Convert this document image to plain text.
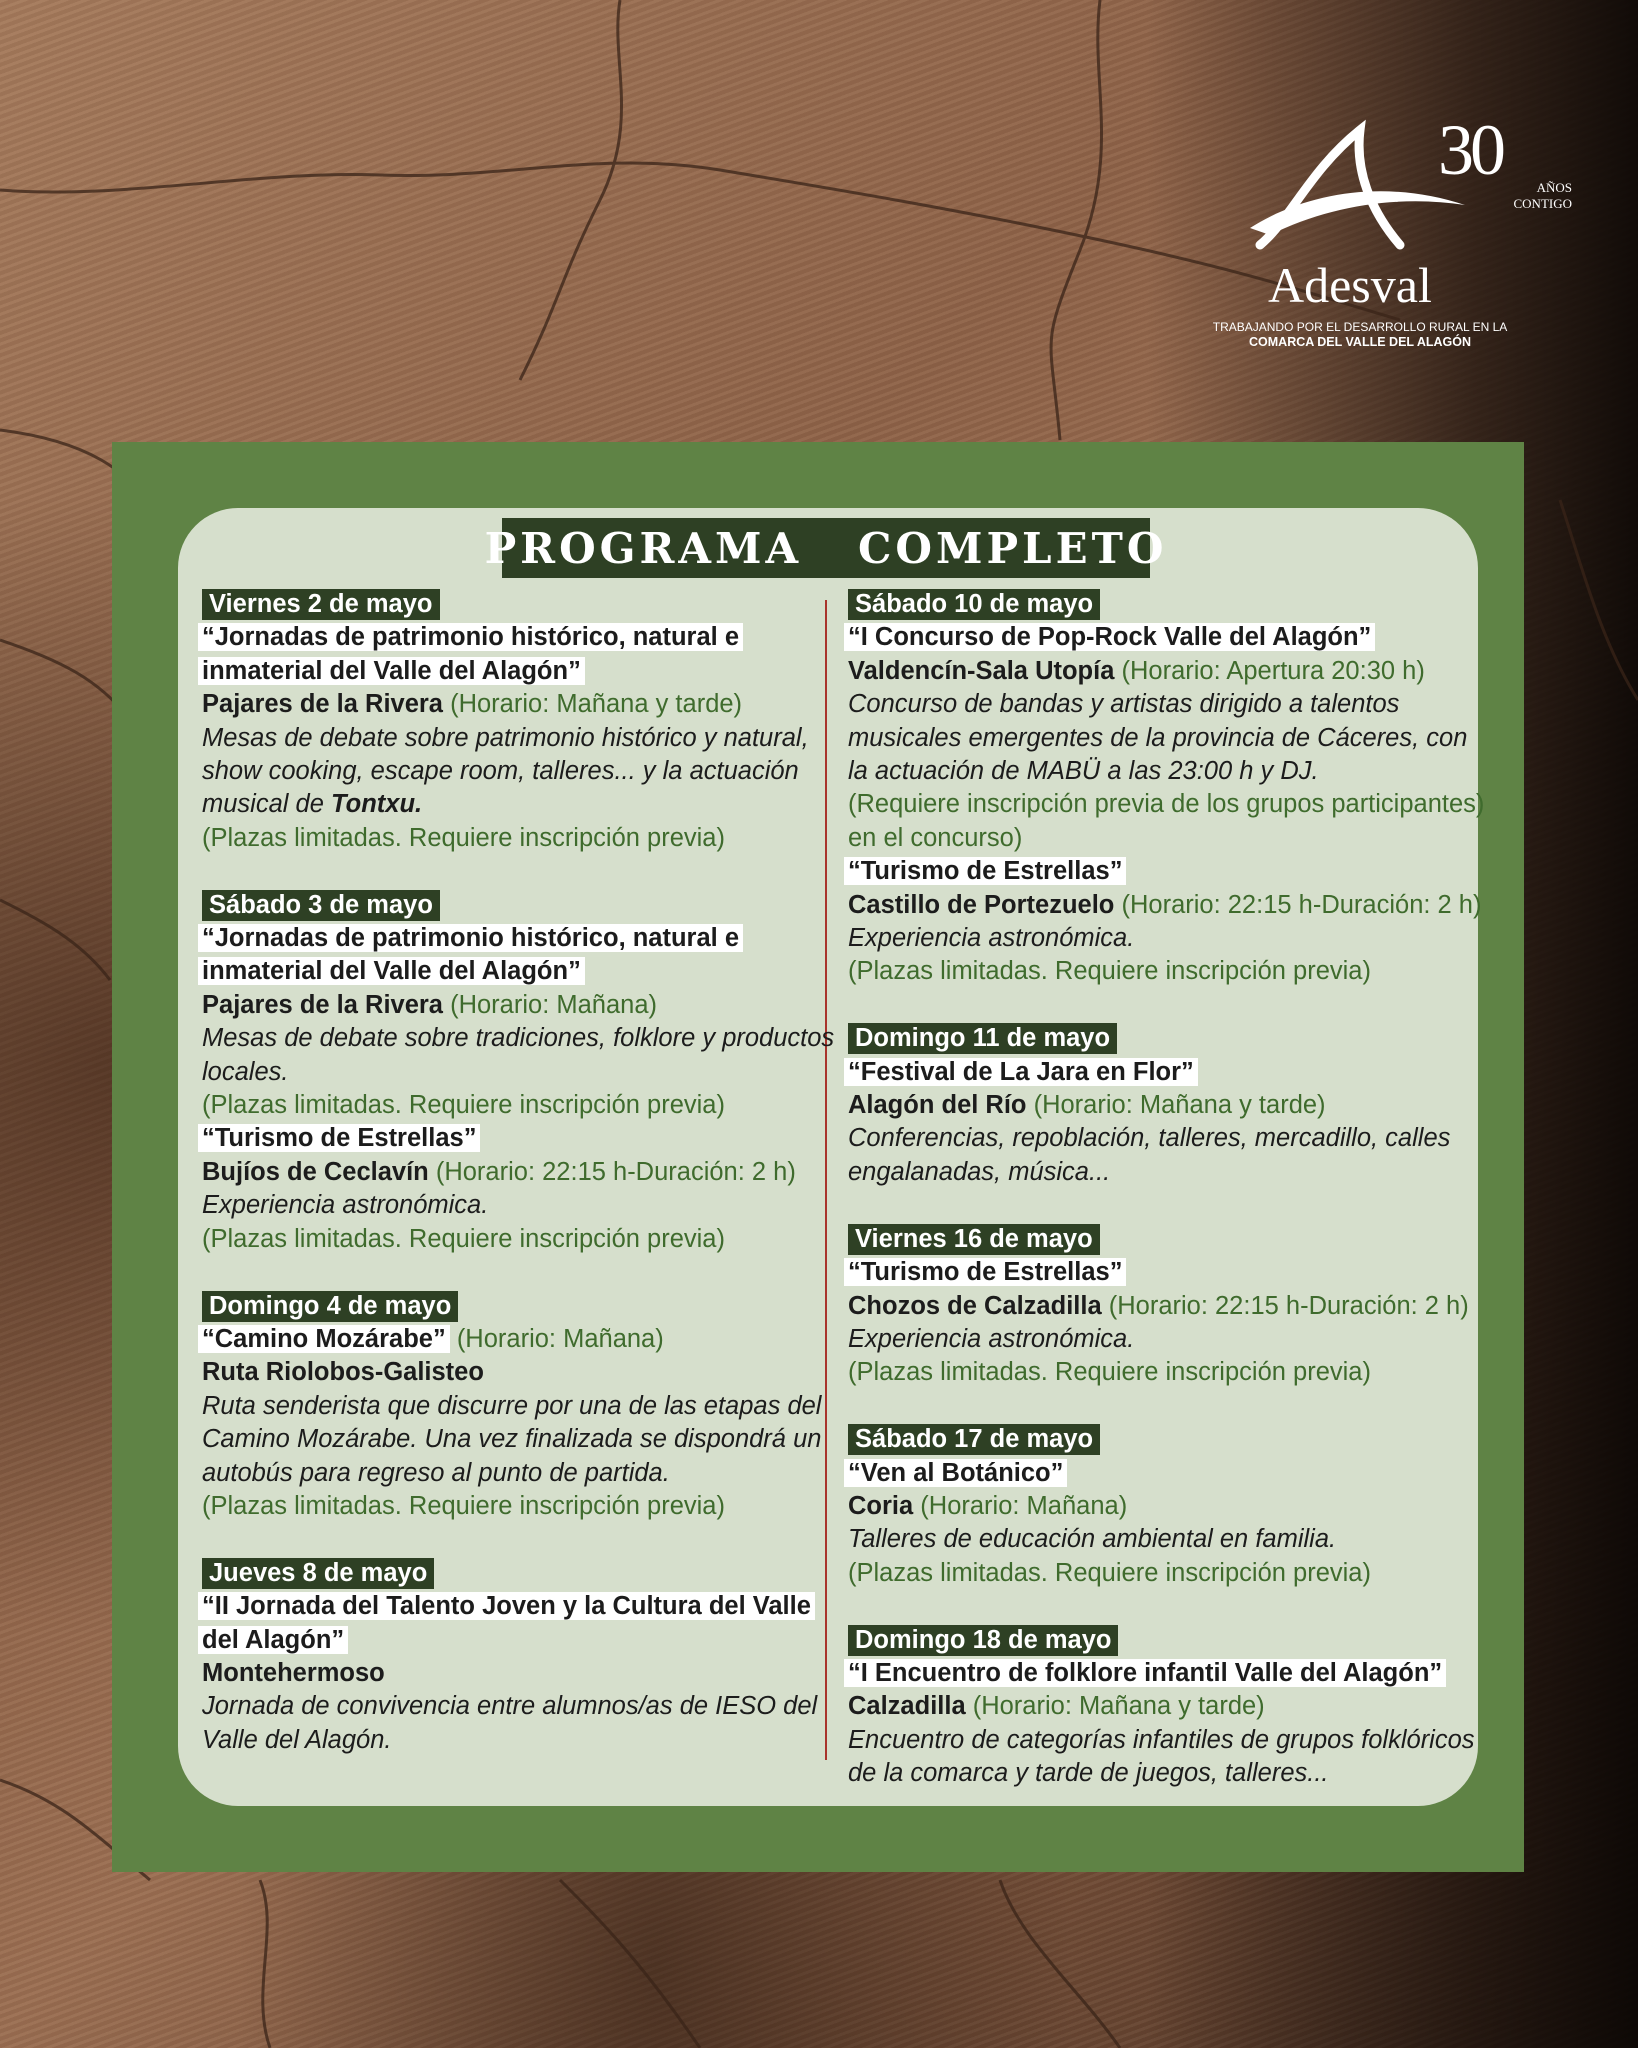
30	AÑOS
CONTIGO
Adesval
TRABAJANDO POR EL DESARROLLO RURAL EN LA
COMARCA DEL VALLE DEL ALAGÓN
PROGRAMA   COMPLETO
Viernes 2 de mayo
“Jornadas de patrimonio histórico, natural e inmaterial del Valle del Alagón”
Pajares de la Rivera (Horario: Mañana y tarde)
Mesas de debate sobre patrimonio histórico y natural, show cooking, escape room, talleres... y la actuación musical de Tontxu.
(Plazas limitadas. Requiere inscripción previa)
Sábado 3 de mayo
“Jornadas de patrimonio histórico, natural e inmaterial del Valle del Alagón”
Pajares de la Rivera (Horario: Mañana)
Mesas de debate sobre tradiciones, folklore y productos locales.
(Plazas limitadas. Requiere inscripción previa)
“Turismo de Estrellas”
Bujíos de Ceclavín (Horario: 22:15 h-Duración: 2 h)
Experiencia astronómica.
(Plazas limitadas. Requiere inscripción previa)
Domingo 4 de mayo
“Camino Mozárabe” (Horario: Mañana)
Ruta Riolobos-Galisteo
Ruta senderista que discurre por una de las etapas del Camino Mozárabe. Una vez finalizada se dispondrá un autobús para regreso al punto de partida.
(Plazas limitadas. Requiere inscripción previa)
Jueves 8 de mayo
“II Jornada del Talento Joven y la Cultura del Valle del Alagón”
Montehermoso
Jornada de convivencia entre alumnos/as de IESO del Valle del Alagón.
Sábado 10 de mayo
“I Concurso de Pop-Rock Valle del Alagón”
Valdencín-Sala Utopía (Horario: Apertura 20:30 h)
Concurso de bandas y artistas dirigido a talentos musicales emergentes de la provincia de Cáceres, con la actuación de MABÜ a las 23:00 h y DJ.
(Requiere inscripción previa de los grupos participantes) en el concurso)
“Turismo de Estrellas”
Castillo de Portezuelo (Horario: 22:15 h-Duración: 2 h)
Experiencia astronómica.
(Plazas limitadas. Requiere inscripción previa)
Domingo 11 de mayo
“Festival de La Jara en Flor”
Alagón del Río (Horario: Mañana y tarde)
Conferencias, repoblación, talleres, mercadillo, calles engalanadas, música...
Viernes 16 de mayo
“Turismo de Estrellas”
Chozos de Calzadilla (Horario: 22:15 h-Duración: 2 h)
Experiencia astronómica.
(Plazas limitadas. Requiere inscripción previa)
Sábado 17 de mayo
“Ven al Botánico”
Coria (Horario: Mañana)
Talleres de educación ambiental en familia.
(Plazas limitadas. Requiere inscripción previa)
Domingo 18 de mayo
“I Encuentro de folklore infantil Valle del Alagón”
Calzadilla (Horario: Mañana y tarde)
Encuentro de categorías infantiles de grupos folklóricos de la comarca y tarde de juegos, talleres...
